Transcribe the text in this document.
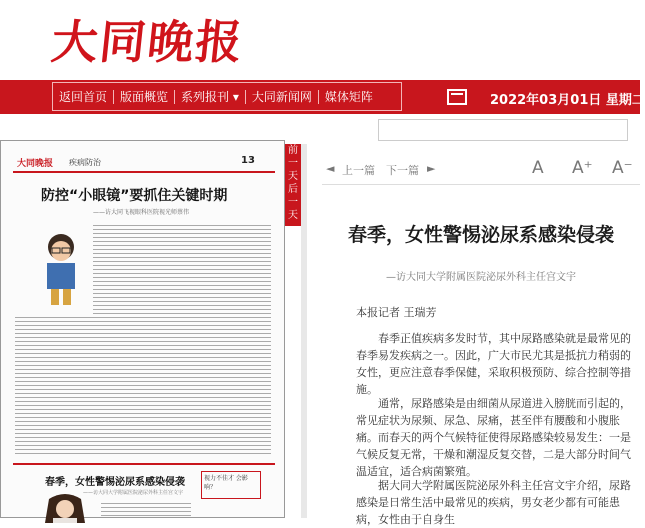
大同晚报
返回首页	版面概览	系列报刊 ▾	大同新闻网	媒体矩阵	2022年03月01日 星期二
大同晚报 疾病防治	13
防控“小眼镜”要抓住关键时期
——访大同飞视眼科医院视光师蔡伟
春季，女性警惕泌尿系感染侵袭
——访大同大学附属医院泌尿外科主任宫文宇
视力不佳才 会影响？
前
一
天
后
一
天
◄ 上一篇 下一篇 ►	A A⁺ A⁻
春季，女性警惕泌尿系感染侵袭
—访大同大学附属医院泌尿外科主任宫文宇
本报记者 王瑞芳
春季正值疾病多发时节，其中尿路感染就是最常见的春季易发疾病之一。因此，广大市民尤其是抵抗力稍弱的女性，更应注意春季保健，采取积极预防、综合控制等措施。
通常，尿路感染是由细菌从尿道进入膀胱而引起的，常见症状为尿频、尿急、尿痛，甚至伴有腰酸和小腹胀痛。而春天的两个气候特征使得尿路感染较易发生：一是气候反复无常，干燥和潮湿反复交替，二是大部分时间气温适宜，适合病菌繁殖。
据大同大学附属医院泌尿外科主任宫文宇介绍，尿路感染是日常生活中最常见的疾病，男女老少都有可能患病，女性由于自身生
